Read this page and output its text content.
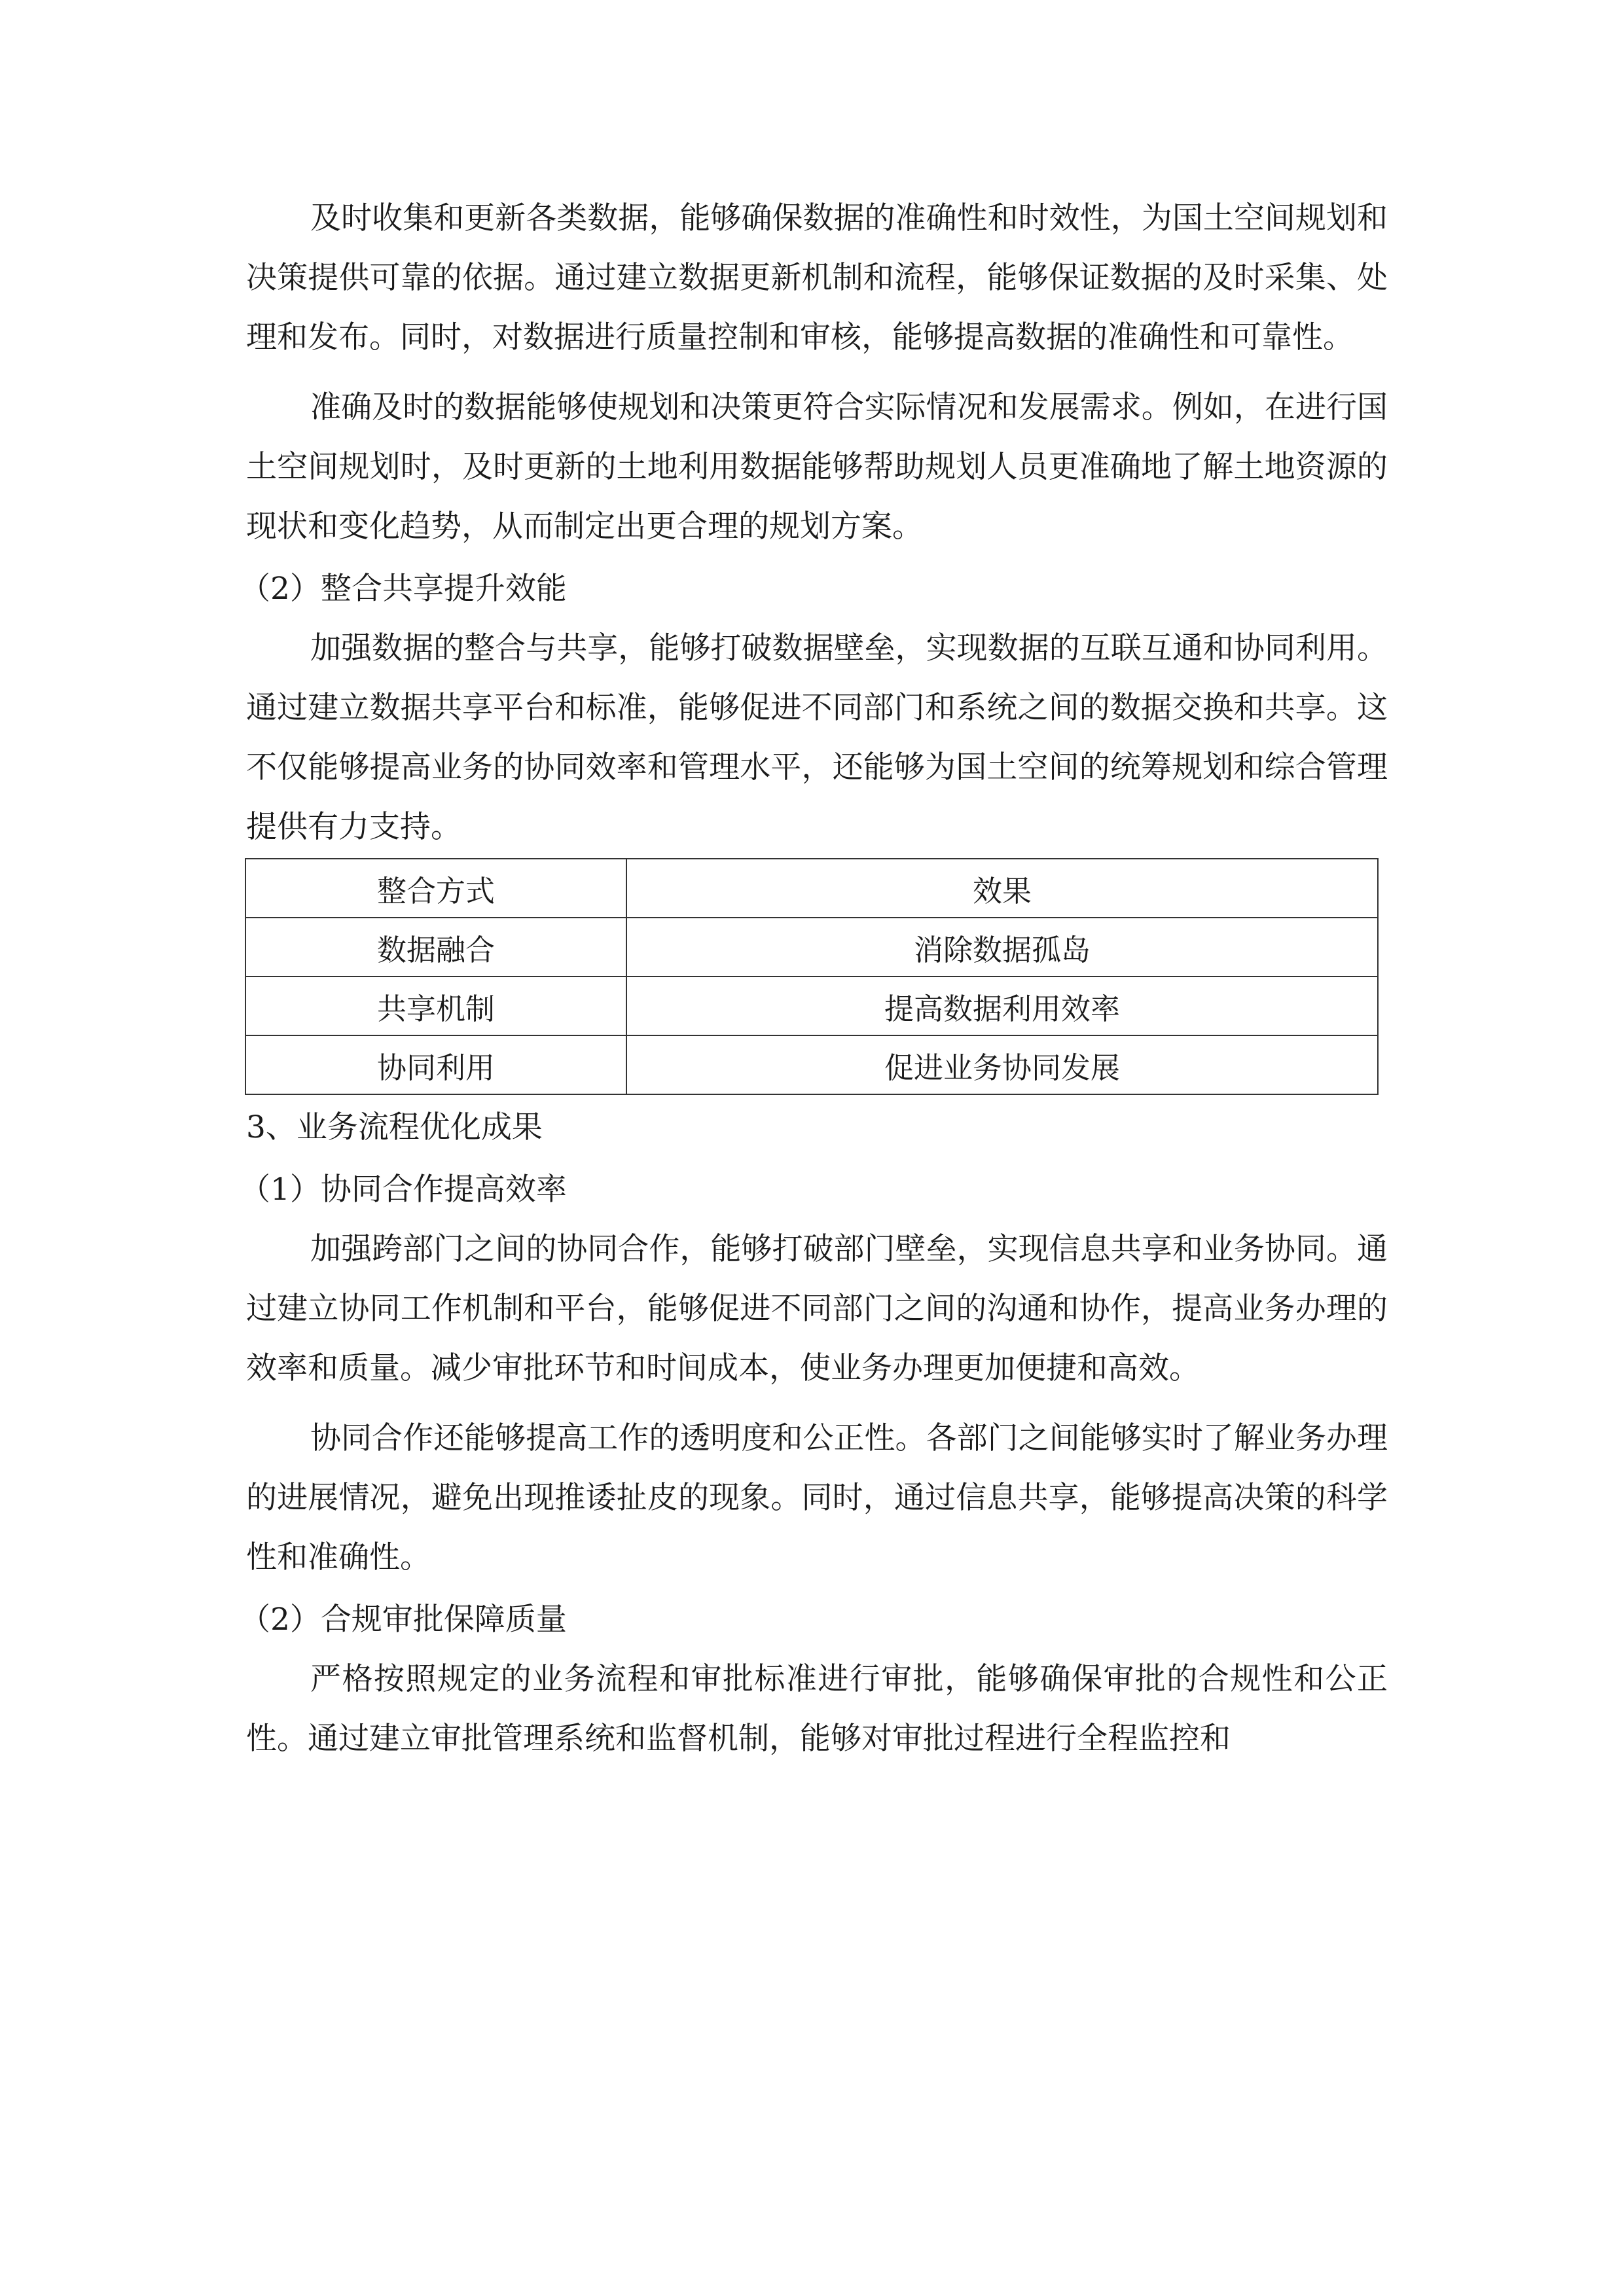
及时收集和更新各类数据，能够确保数据的准确性和时效性，为国土空间规划和决策提供可靠的依据。通过建立数据更新机制和流程，能够保证数据的及时采集、处理和发布。同时，对数据进行质量控制和审核，能够提高数据的准确性和可靠性。

准确及时的数据能够使规划和决策更符合实际情况和发展需求。例如，在进行国土空间规划时，及时更新的土地利用数据能够帮助规划人员更准确地了解土地资源的现状和变化趋势，从而制定出更合理的规划方案。

（2）整合共享提升效能

加强数据的整合与共享，能够打破数据壁垒，实现数据的互联互通和协同利用。通过建立数据共享平台和标准，能够促进不同部门和系统之间的数据交换和共享。这不仅能够提高业务的协同效率和管理水平，还能够为国土空间的统筹规划和综合管理提供有力支持。

整合方式	效果
数据融合	消除数据孤岛
共享机制	提高数据利用效率
协同利用	促进业务协同发展

3、业务流程优化成果

（1）协同合作提高效率

加强跨部门之间的协同合作，能够打破部门壁垒，实现信息共享和业务协同。通过建立协同工作机制和平台，能够促进不同部门之间的沟通和协作，提高业务办理的效率和质量。减少审批环节和时间成本，使业务办理更加便捷和高效。

协同合作还能够提高工作的透明度和公正性。各部门之间能够实时了解业务办理的进展情况，避免出现推诿扯皮的现象。同时，通过信息共享，能够提高决策的科学性和准确性。

（2）合规审批保障质量

严格按照规定的业务流程和审批标准进行审批，能够确保审批的合规性和公正性。通过建立审批管理系统和监督机制，能够对审批过程进行全程监控和
